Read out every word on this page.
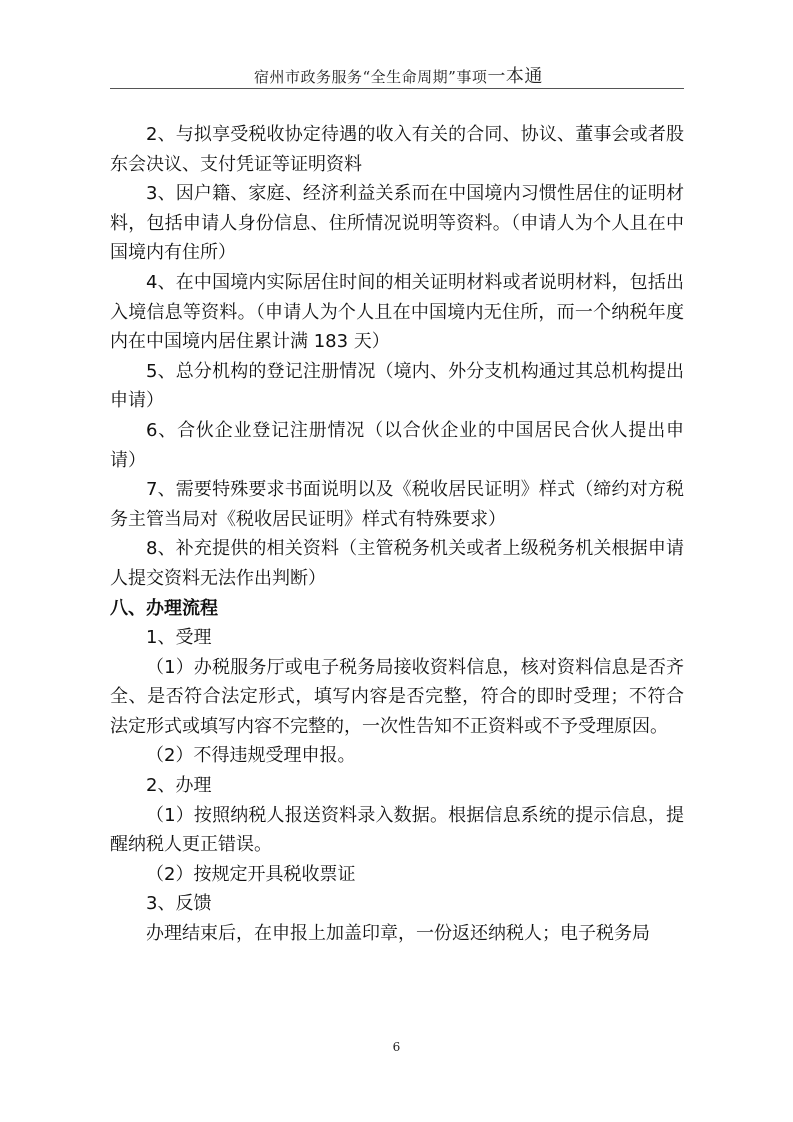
宿州市政务服务“全生命周期”事项一本通

2、与拟享受税收协定待遇的收入有关的合同、协议、董事会或者股东会决议、支付凭证等证明资料

3、因户籍、家庭、经济利益关系而在中国境内习惯性居住的证明材料，包括申请人身份信息、住所情况说明等资料。（申请人为个人且在中国境内有住所）

4、在中国境内实际居住时间的相关证明材料或者说明材料，包括出入境信息等资料。（申请人为个人且在中国境内无住所，而一个纳税年度内在中国境内居住累计满 183 天）

5、总分机构的登记注册情况（境内、外分支机构通过其总机构提出申请）

6、合伙企业登记注册情况（以合伙企业的中国居民合伙人提出申请）

7、需要特殊要求书面说明以及《税收居民证明》样式（缔约对方税务主管当局对《税收居民证明》样式有特殊要求）

8、补充提供的相关资料（主管税务机关或者上级税务机关根据申请人提交资料无法作出判断）

八、办理流程

1、受理

（1）办税服务厅或电子税务局接收资料信息，核对资料信息是否齐全、是否符合法定形式，填写内容是否完整，符合的即时受理；不符合法定形式或填写内容不完整的，一次性告知不正资料或不予受理原因。

（2）不得违规受理申报。

2、办理

（1）按照纳税人报送资料录入数据。根据信息系统的提示信息，提醒纳税人更正错误。

（2）按规定开具税收票证

3、反馈

办理结束后，在申报上加盖印章，一份返还纳税人；电子税务局

6
